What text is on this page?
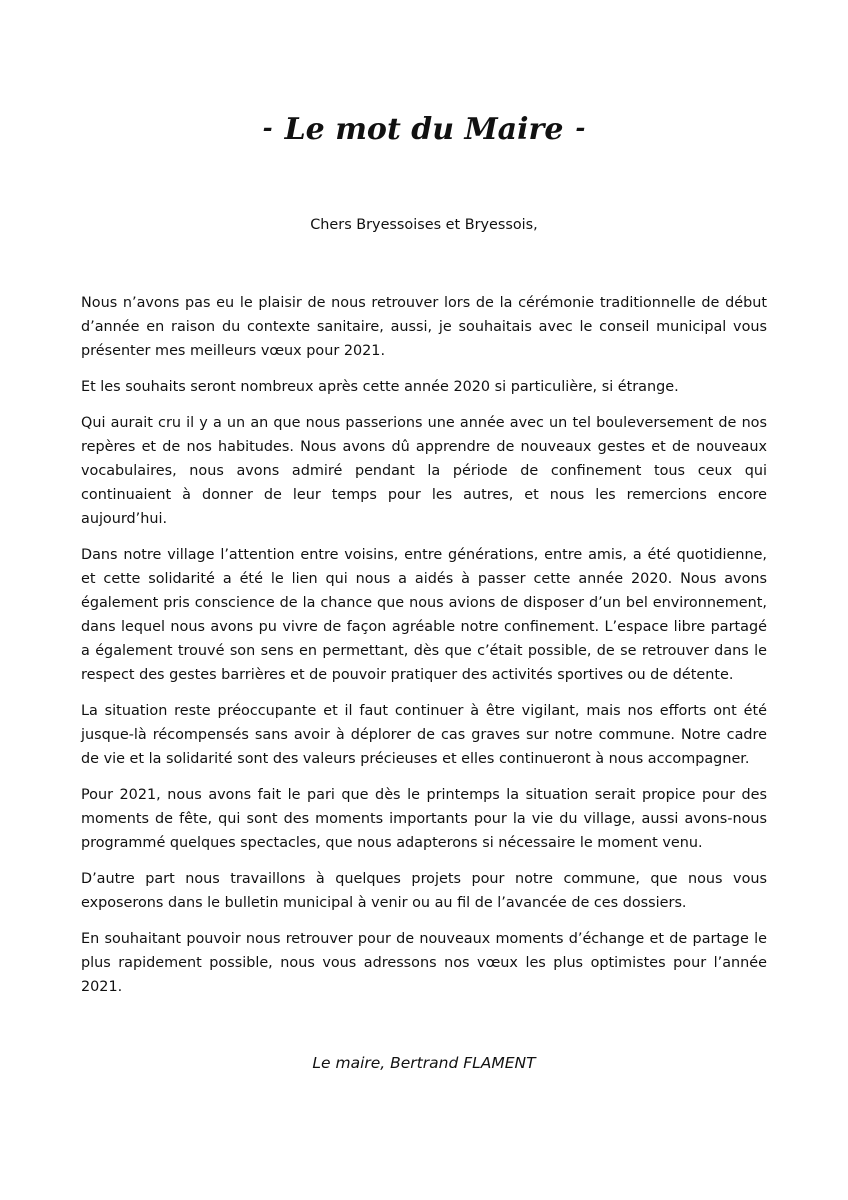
- Le mot du Maire -
Chers Bryessoises et Bryessois,

Nous n’avons pas eu le plaisir de nous retrouver lors de la cérémonie traditionnelle de début d’année en raison du contexte sanitaire, aussi, je souhaitais avec le conseil municipal vous présenter mes meilleurs vœux pour 2021.

Et les souhaits seront nombreux après cette année 2020 si particulière, si étrange.

Qui aurait cru il y a un an que nous passerions une année avec un tel bouleversement de nos repères et de nos habitudes. Nous avons dû apprendre de nouveaux gestes et de nouveaux vocabulaires, nous avons admiré pendant la période de confinement tous ceux qui continuaient à donner de leur temps pour les autres, et nous les remercions encore aujourd’hui.

Dans notre village l’attention entre voisins, entre générations, entre amis, a été quotidienne, et cette solidarité a été le lien qui nous a aidés à passer cette année 2020. Nous avons également pris conscience de la chance que nous avions de disposer d’un bel environnement, dans lequel nous avons pu vivre de façon agréable notre confinement. L’espace libre partagé a également trouvé son sens en permettant, dès que c’était possible, de se retrouver dans le respect des gestes barrières et de pouvoir pratiquer des activités sportives ou de détente.

La situation reste préoccupante et il faut continuer à être vigilant, mais nos efforts ont été jusque-là récompensés sans avoir à déplorer de cas graves sur notre commune. Notre cadre de vie et la solidarité sont des valeurs précieuses et elles continueront à nous accompagner.

Pour 2021, nous avons fait le pari que dès le printemps la situation serait propice pour des moments de fête, qui sont des moments importants pour la vie du village, aussi avons-nous programmé quelques spectacles, que nous adapterons si nécessaire le moment venu.

D’autre part nous travaillons à quelques projets pour notre commune, que nous vous exposerons dans le bulletin municipal à venir ou au fil de l’avancée de ces dossiers.

En souhaitant pouvoir nous retrouver pour de nouveaux moments d’échange et de partage le plus rapidement possible, nous vous adressons nos vœux les plus optimistes pour l’année 2021.

Le maire, Bertrand FLAMENT
